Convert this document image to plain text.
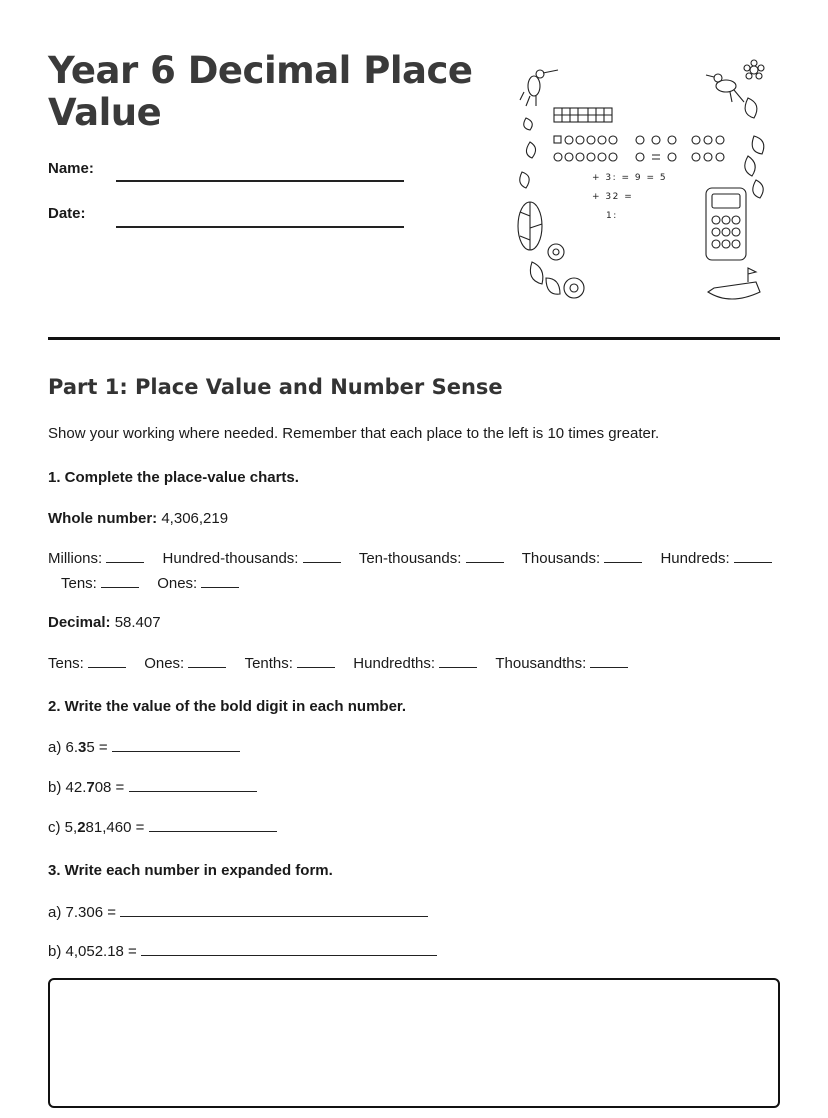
Year 6 Decimal Place Value
Name:
Date:
+ 3: = 9 = 5
+ 32 =
1:
Part 1: Place Value and Number Sense
Show your working where needed. Remember that each place to the left is 10 times greater.
1. Complete the place-value charts.
Whole number: 4,306,219
Millions:	Hundred-thousands:	Ten-thousands:	Thousands:	Hundreds:
Tens:	Ones:
Decimal: 58.407
Tens:	Ones:	Tenths:	Hundredths:	Thousandths:
2. Write the value of the bold digit in each number.
a) 6.35 =
b) 42.708 =
c) 5,281,460 =
3. Write each number in expanded form.
a) 7.306 =
b) 4,052.18 =
